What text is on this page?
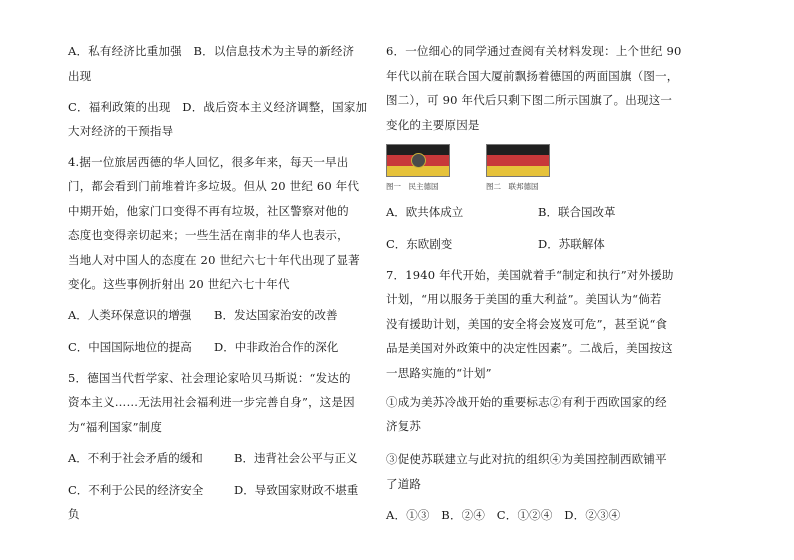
A．私有经济比重加强　B．以信息技术为主导的新经济
出现
C．福利政策的出现　D．战后资本主义经济调整，国家加
大对经济的干预指导
4.据一位旅居西德的华人回忆，很多年来，每天一早出
门，都会看到门前堆着许多垃圾。但从 20 世纪 60 年代
中期开始，他家门口变得不再有垃圾，社区警察对他的
态度也变得亲切起来；一些生活在南非的华人也表示，
当地人对中国人的态度在 20 世纪六七十年代出现了显著
变化。这些事例折射出 20 世纪六七十年代
A．人类环保意识的增强 B．发达国家治安的改善
C．中国国际地位的提高 D．中非政治合作的深化
5．德国当代哲学家、社会理论家哈贝马斯说：“发达的
资本主义……无法用社会福利进一步完善自身”，这是因
为“福利国家”制度
A．不利于社会矛盾的缓和	B．违背社会公平与正义
C．不利于公民的经济安全	D．导致国家财政不堪重
负
6．一位细心的同学通过查阅有关材料发现：上个世纪 90
年代以前在联合国大厦前飘扬着德国的两面国旗（图一，
图二），可 90 年代后只剩下图二所示国旗了。出现这一
变化的主要原因是
图一　民主德国	图二　联邦德国
A．欧共体成立	B．联合国改革
C．东欧剧变	D．苏联解体
7．1940 年代开始，美国就着手“制定和执行”对外援助
计划，“用以服务于美国的重大利益”。美国认为“倘若
没有援助计划，美国的安全将会岌岌可危”，甚至说“食
品是美国对外政策中的决定性因素”。二战后，美国按这
一思路实施的“计划”
①成为美苏冷战开始的重要标志②有利于西欧国家的经
济复苏
③促使苏联建立与此对抗的组织④为美国控制西欧铺平
了道路
A．①③　B．②④　C．①②④　D．②③④
